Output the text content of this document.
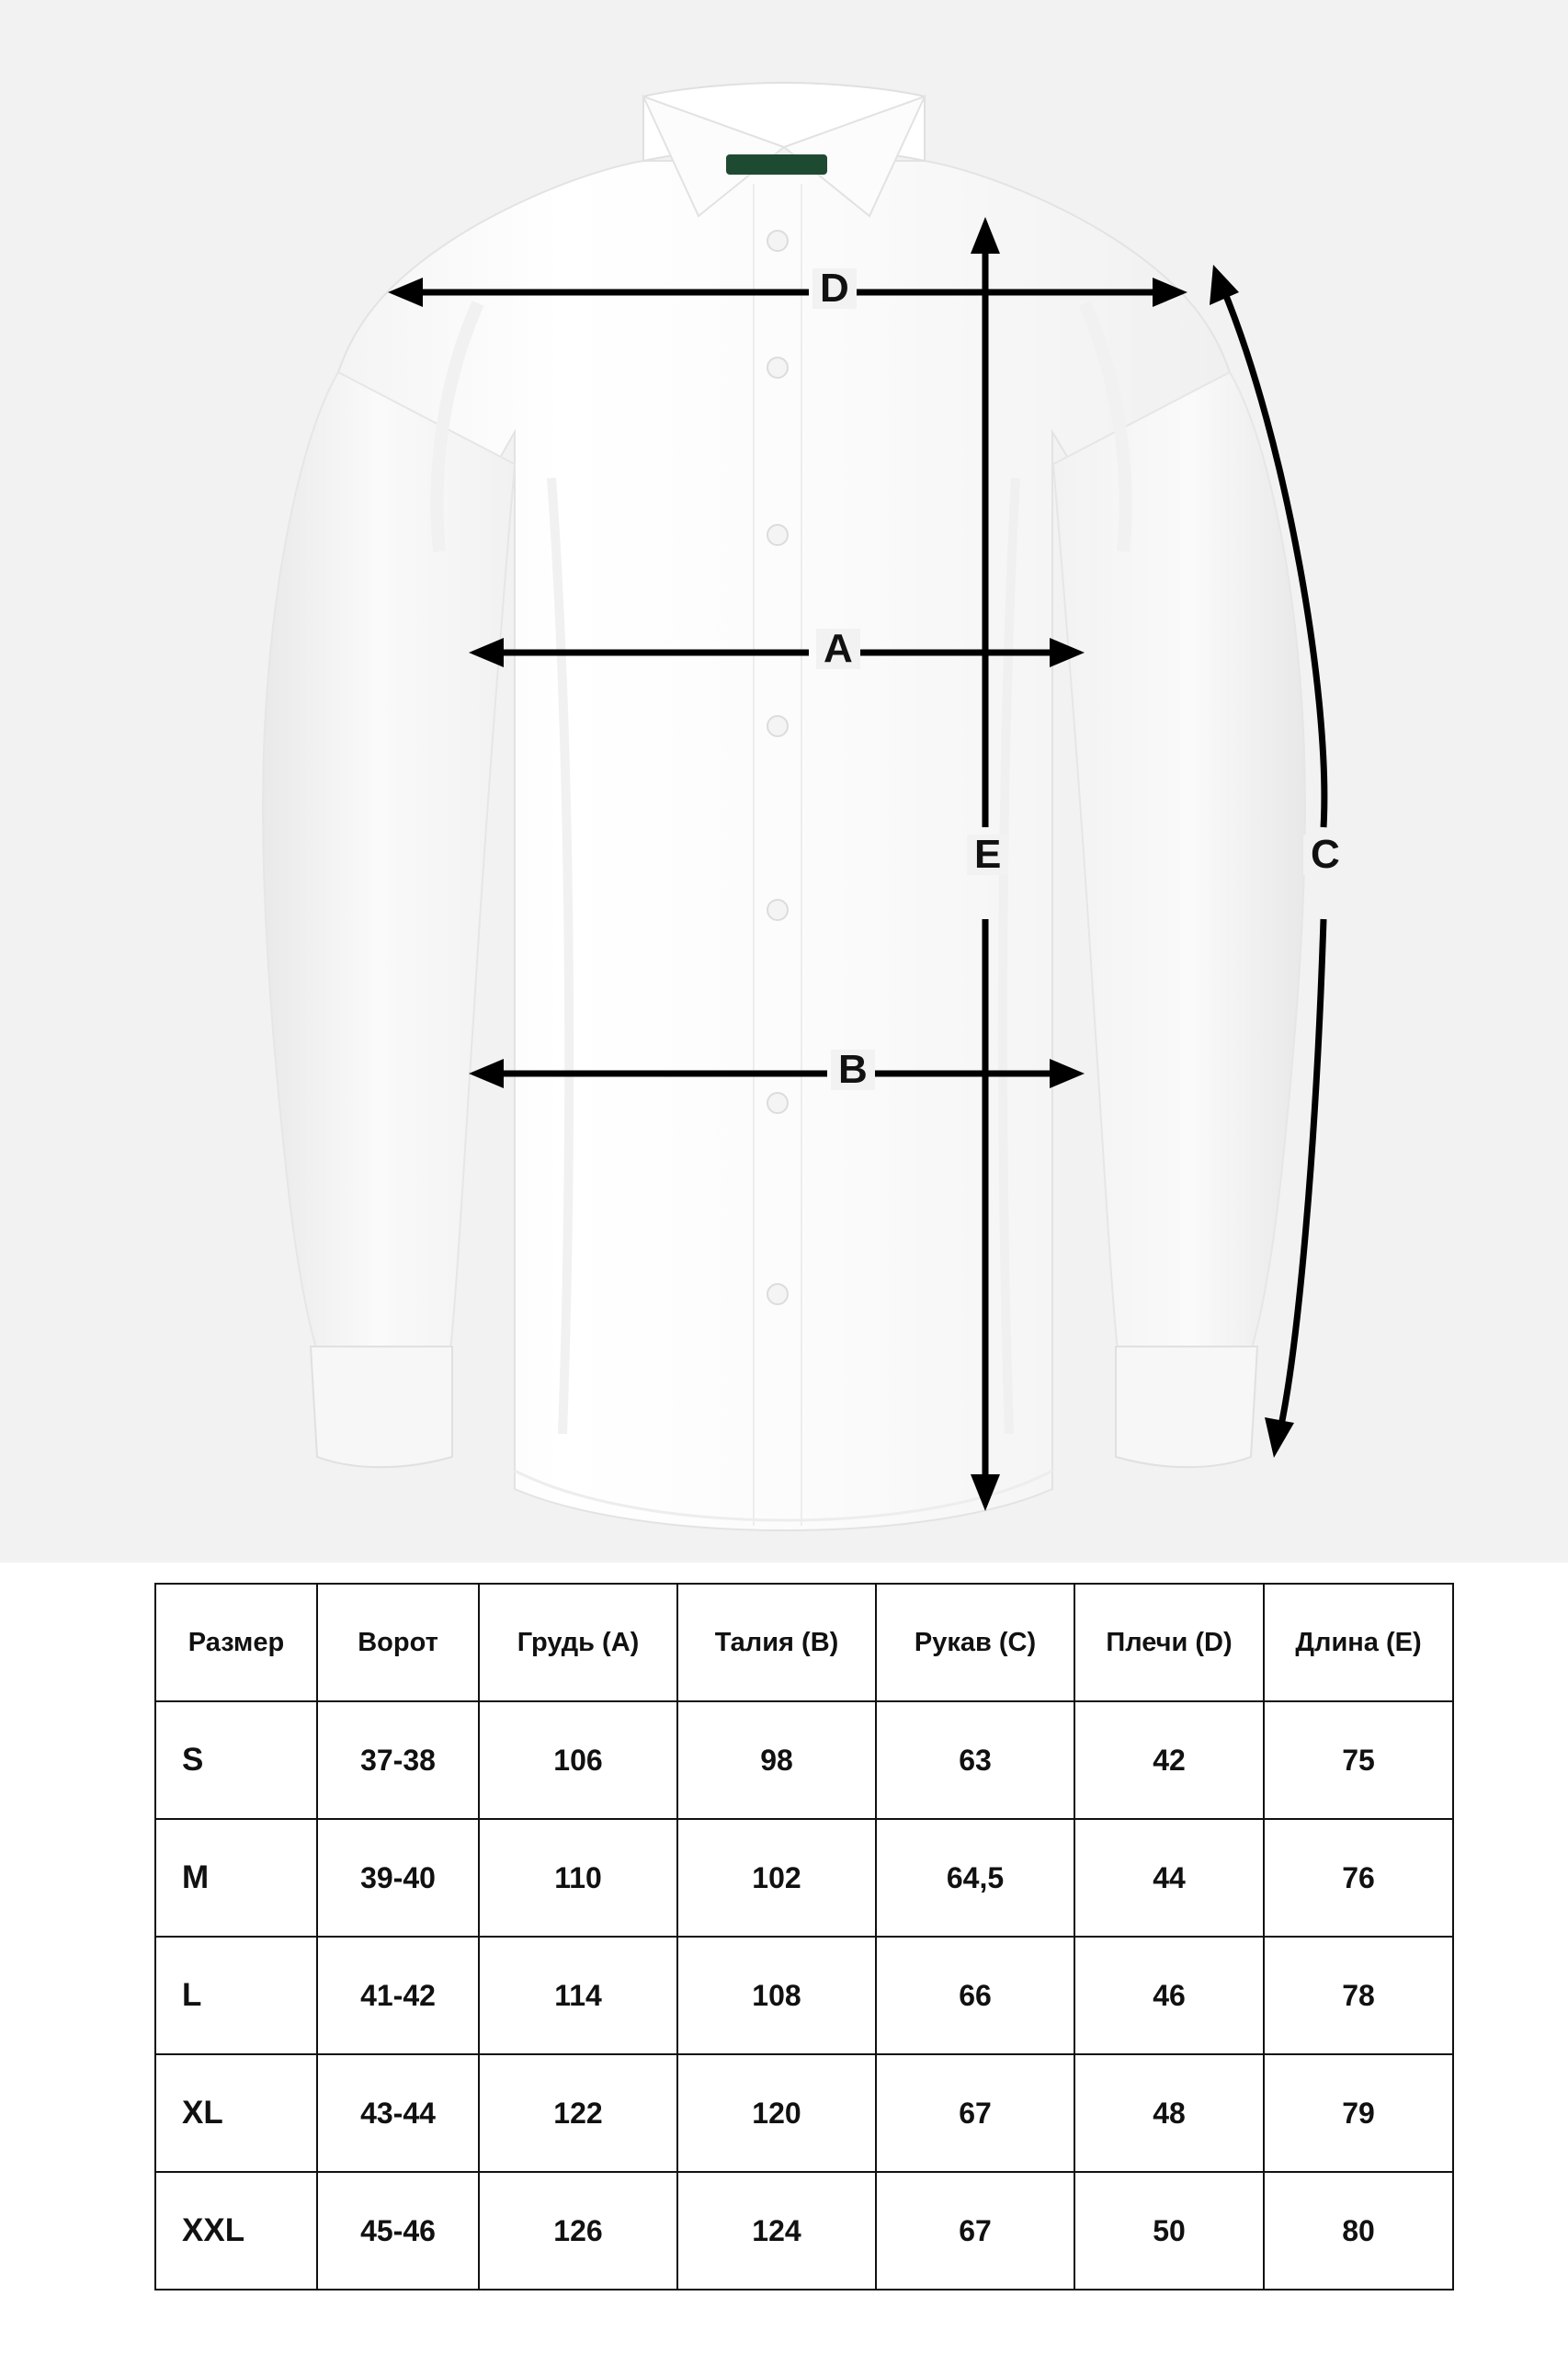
D
A
E
B
C
Размер	Ворот	Грудь (A)	Талия (B)	Рукав (C)	Плечи (D)	Длина (E)
S	37-38	106	98	63	42	75
M	39-40	110	102	64,5	44	76
L	41-42	114	108	66	46	78
XL	43-44	122	120	67	48	79
XXL	45-46	126	124	67	50	80
